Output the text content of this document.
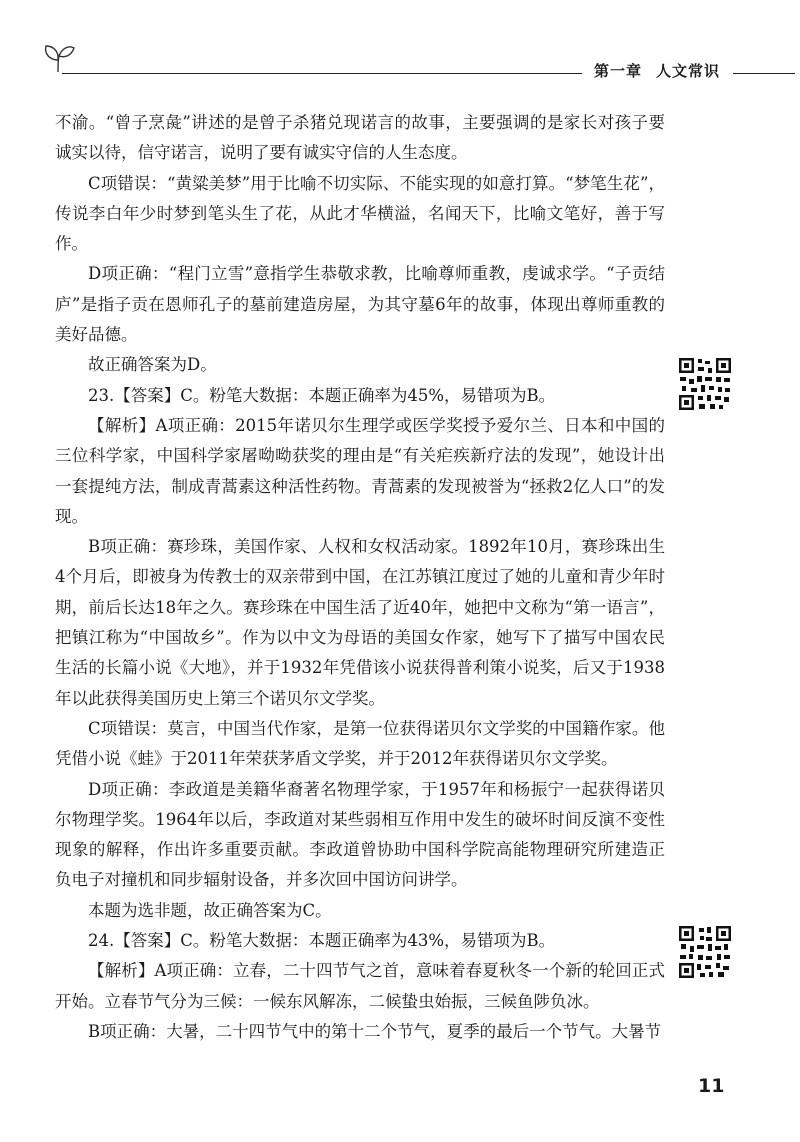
第一章 人文常识

不渝。“曾子烹彘”讲述的是曾子杀猪兑现诺言的故事，主要强调的是家长对孩子要诚实以待，信守诺言，说明了要有诚实守信的人生态度。

C项错误：“黄粱美梦”用于比喻不切实际、不能实现的如意打算。“梦笔生花”，传说李白年少时梦到笔头生了花，从此才华横溢，名闻天下，比喻文笔好，善于写作。

D项正确：“程门立雪”意指学生恭敬求教，比喻尊师重教，虔诚求学。“子贡结庐”是指子贡在恩师孔子的墓前建造房屋，为其守墓6年的故事，体现出尊师重教的美好品德。

故正确答案为D。

23.【答案】C。粉笔大数据：本题正确率为45%，易错项为B。

【解析】A项正确：2015年诺贝尔生理学或医学奖授予爱尔兰、日本和中国的三位科学家，中国科学家屠呦呦获奖的理由是“有关疟疾新疗法的发现”，她设计出一套提纯方法，制成青蒿素这种活性药物。青蒿素的发现被誉为“拯救2亿人口”的发现。

B项正确：赛珍珠，美国作家、人权和女权活动家。1892年10月，赛珍珠出生4个月后，即被身为传教士的双亲带到中国，在江苏镇江度过了她的儿童和青少年时期，前后长达18年之久。赛珍珠在中国生活了近40年，她把中文称为“第一语言”，把镇江称为“中国故乡”。作为以中文为母语的美国女作家，她写下了描写中国农民生活的长篇小说《大地》，并于1932年凭借该小说获得普利策小说奖，后又于1938年以此获得美国历史上第三个诺贝尔文学奖。

C项错误：莫言，中国当代作家，是第一位获得诺贝尔文学奖的中国籍作家。他凭借小说《蛙》于2011年荣获茅盾文学奖，并于2012年获得诺贝尔文学奖。

D项正确：李政道是美籍华裔著名物理学家，于1957年和杨振宁一起获得诺贝尔物理学奖。1964年以后，李政道对某些弱相互作用中发生的破坏时间反演不变性现象的解释，作出许多重要贡献。李政道曾协助中国科学院高能物理研究所建造正负电子对撞机和同步辐射设备，并多次回中国访问讲学。

本题为选非题，故正确答案为C。

24.【答案】C。粉笔大数据：本题正确率为43%，易错项为B。

【解析】A项正确：立春，二十四节气之首，意味着春夏秋冬一个新的轮回正式开始。立春节气分为三候：一候东风解冻，二候蛰虫始振，三候鱼陟负冰。

B项正确：大暑，二十四节气中的第十二个节气，夏季的最后一个节气。大暑节

11
